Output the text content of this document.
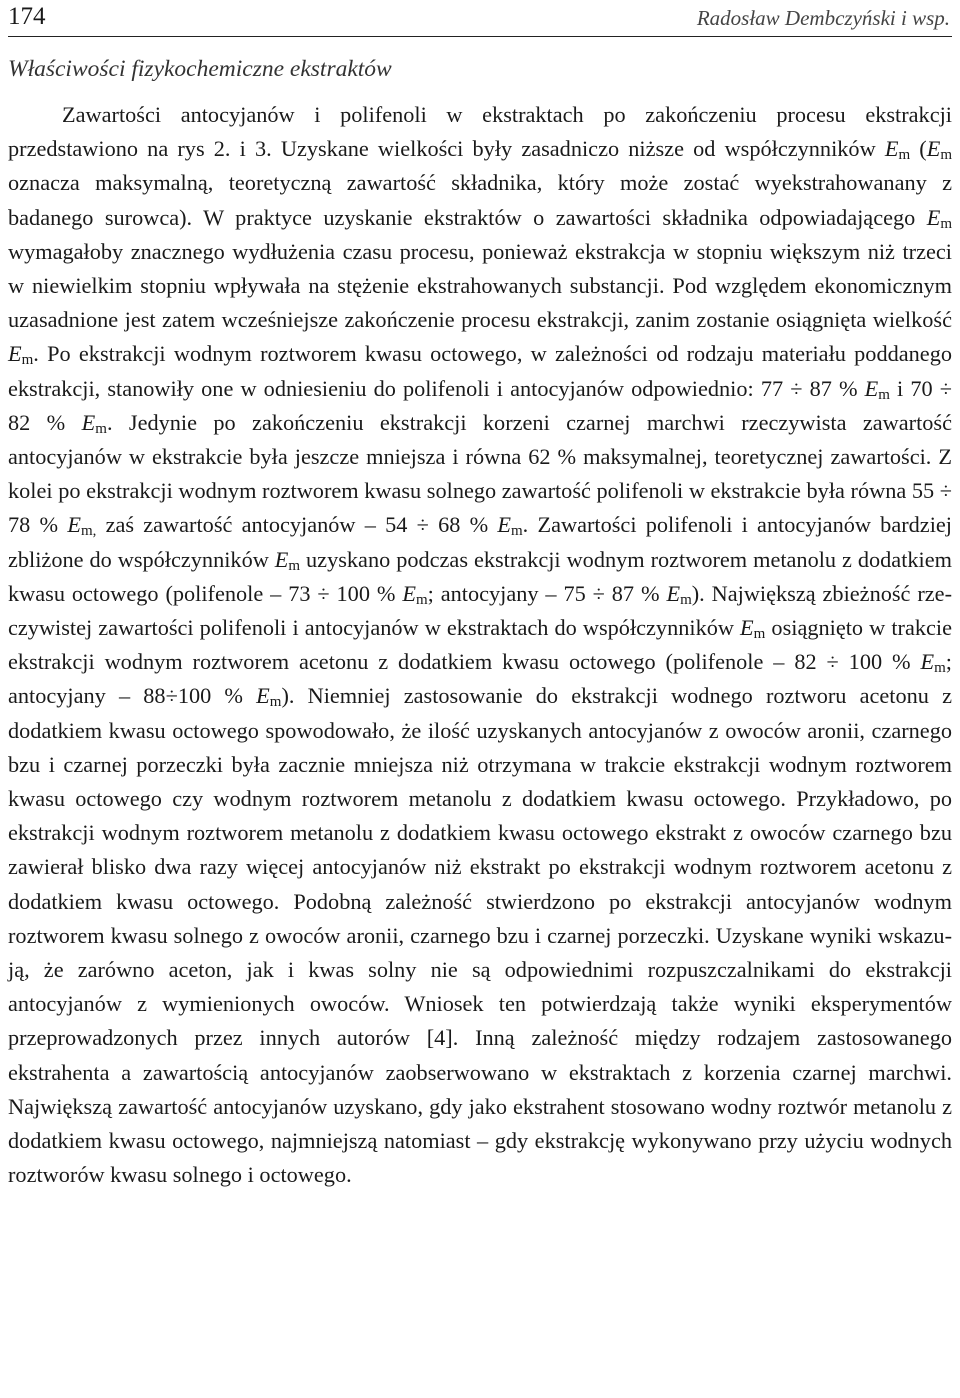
174	Radosław Dembczyński i wsp.
Właściwości fizykochemiczne ekstraktów

Zawartości antocyjanów i polifenoli w ekstraktach po zakończeniu procesu ekstrakcji przedstawiono na rys 2. i 3. Uzyskane wielkości były zasadniczo niższe od współczynników $E_m$ ($E_m$ oznacza maksymalną, teoretyczną zawartość składnika, który może zostać wyekstrahowanany z badanego surowca). W praktyce uzyskanie ekstraktów o zawartości składnika odpowiadającego $E_m$ wymagałoby znacznego wydłużenia czasu procesu, ponieważ ekstrakcja w stopniu większym niż trzeci w niewielkim stopniu wpływała na stężenie ekstrahowanych substancji. Pod względem ekonomicznym uzasadnione jest zatem wcześniejsze zakończenie procesu ekstrakcji, zanim zostanie osiągnięta wielkość $E_m$. Po ekstrakcji wodnym roztworem kwasu octowego, w zależności od rodzaju materiału poddanego ekstrakcji, stanowiły one w odniesieniu do polifenoli i antocyjanów odpowiednio: 77 ÷ 87 % $E_m$ i 70 ÷ 82 % $E_m$. Jedynie po zakończeniu ekstrakcji korzeni czarnej marchwi rzeczywista zawartość antocyjanów w ekstrakcie była jeszcze mniejsza i równa 62 % maksymalnej, teoretycznej zawartości. Z kolei po ekstrakcji wodnym roztworem kwasu solnego zawartość polifenoli w ekstrakcie była równa 55 ÷ 78 % $E_{m,}$ zaś zawartość antocyjanów – 54 ÷ 68 % $E_m$. Zawartości polifenoli i antocyjanów bardziej zbliżone do współczynników $E_m$ uzyskano podczas ekstrakcji wodnym roztworem metanolu z dodatkiem kwasu octowego (polifenole – 73 ÷ 100 % $E_m$; antocyjany – 75 ÷ 87 % $E_m$). Największą zbieżność rzeczywistej zawartości polifenoli i antocyjanów w ekstraktach do współczynników $E_m$ osiągnięto w trakcie ekstrakcji wodnym roztworem acetonu z dodatkiem kwasu octowego (polifenole – 82 ÷ 100 % $E_m$; antocyjany – 88÷100 % $E_m$). Niemniej zastosowanie do ekstrakcji wodnego roztworu acetonu z dodatkiem kwasu octowego spowodowało, że ilość uzyskanych antocyjanów z owoców aronii, czarnego bzu i czarnej porzeczki była zacznie mniejsza niż otrzymana w trakcie ekstrakcji wodnym roztworem kwasu octowego czy wodnym roztworem metanolu z dodatkiem kwasu octowego. Przykładowo, po ekstrakcji wodnym roztworem metanolu z dodatkiem kwasu octowego ekstrakt z owoców czarnego bzu zawierał blisko dwa razy więcej antocyjanów niż ekstrakt po ekstrakcji wodnym roztworem acetonu z dodatkiem kwasu octowego. Podobną zależność stwierdzono po ekstrakcji antocyjanów wodnym roztworem kwasu solnego z owoców aronii, czarnego bzu i czarnej porzeczki. Uzyskane wyniki wskazują, że zarówno aceton, jak i kwas solny nie są odpowiednimi rozpuszczalnikami do ekstrakcji antocyjanów z wymienionych owoców. Wniosek ten potwierdzają także wyniki eksperymentów przeprowadzonych przez innych autorów [4]. Inną zależność między rodzajem zastosowanego ekstrahenta a zawartością antocyjanów zaobserwowano w ekstraktach z korzenia czarnej marchwi. Największą zawartość antocyjanów uzyskano, gdy jako ekstrahent stosowano wodny roztwór metanolu z dodatkiem kwasu octowego, najmniejszą natomiast – gdy ekstrakcję wykonywano przy użyciu wodnych roztworów kwasu solnego i octowego.
